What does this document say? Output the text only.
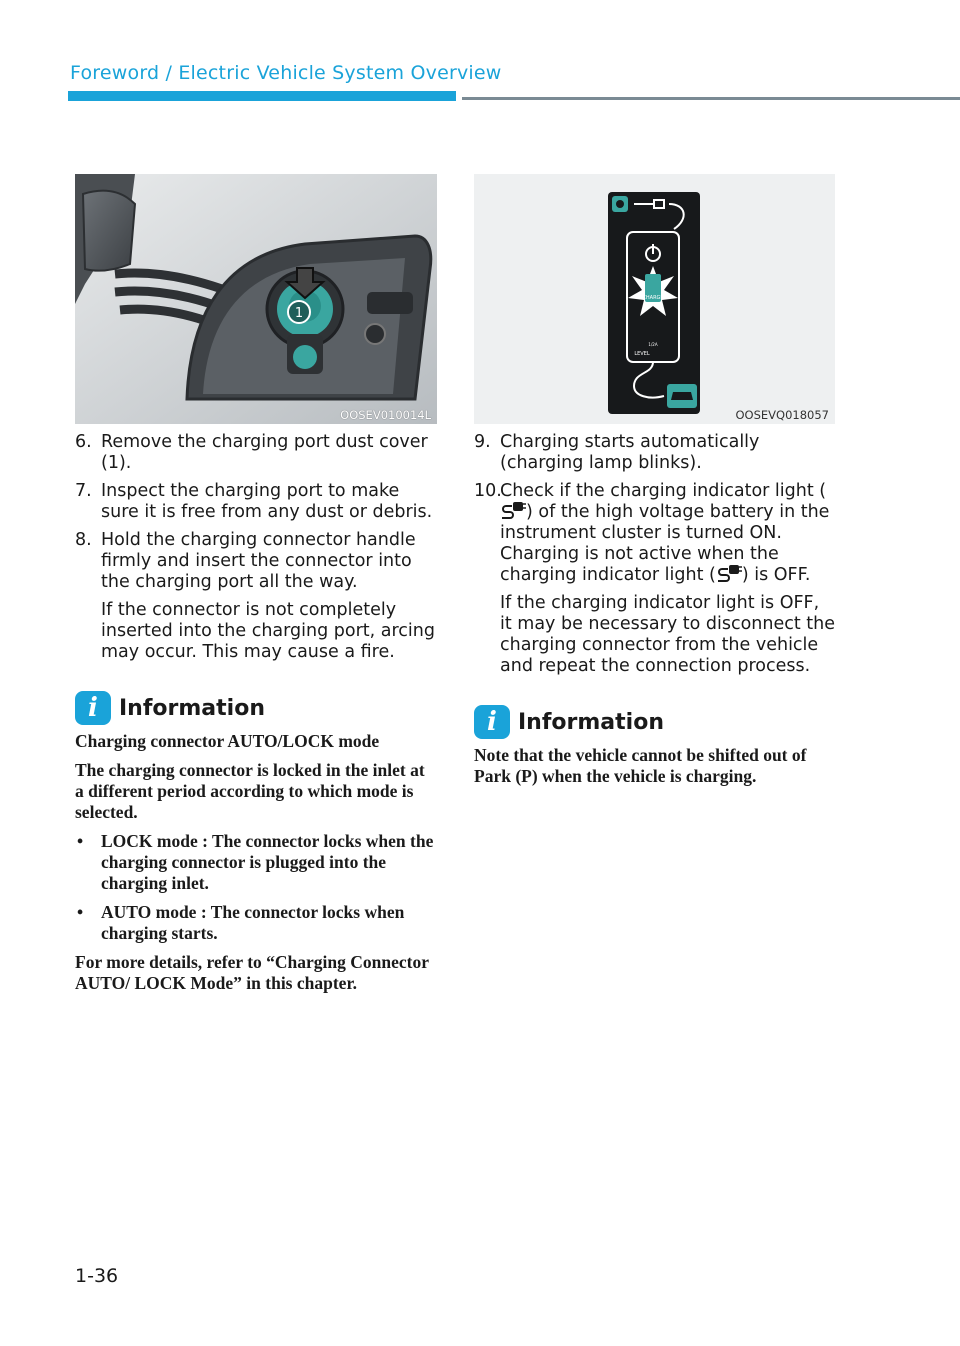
Foreword / Electric Vehicle System Overview
1
OOSEV010014L
CHARGE
1/2A
LEVEL
OOSEVQ018057
6. Remove the charging port dust cover (1).
7. Inspect the charging port to make sure it is free from any dust or debris.
8. Hold the charging connector handle firmly and insert the connector into the charging port all the way.
If the connector is not completely inserted into the charging port, arcing may occur. This may cause a fire.
i Information

Charging connector AUTO/LOCK mode

The charging connector is locked in the inlet at a different period according to which mode is selected.

•	LOCK mode : The connector locks when the charging connector is plugged into the charging inlet.
•	AUTO mode : The connector locks when charging starts.

For more details, refer to “Charging Connector AUTO/ LOCK Mode” in this chapter.

9. Charging starts automatically (charging lamp blinks).
10.
Check if the charging indicator light () of the high voltage battery in the instrument cluster is turned ON. Charging is not active when the charging indicator light ( ) is OFF.
If the charging indicator light is OFF, it may be necessary to disconnect the charging connector from the vehicle and repeat the connection process.
i Information

Note that the vehicle cannot be shifted out of Park (P) when the vehicle is charging.

1-36
